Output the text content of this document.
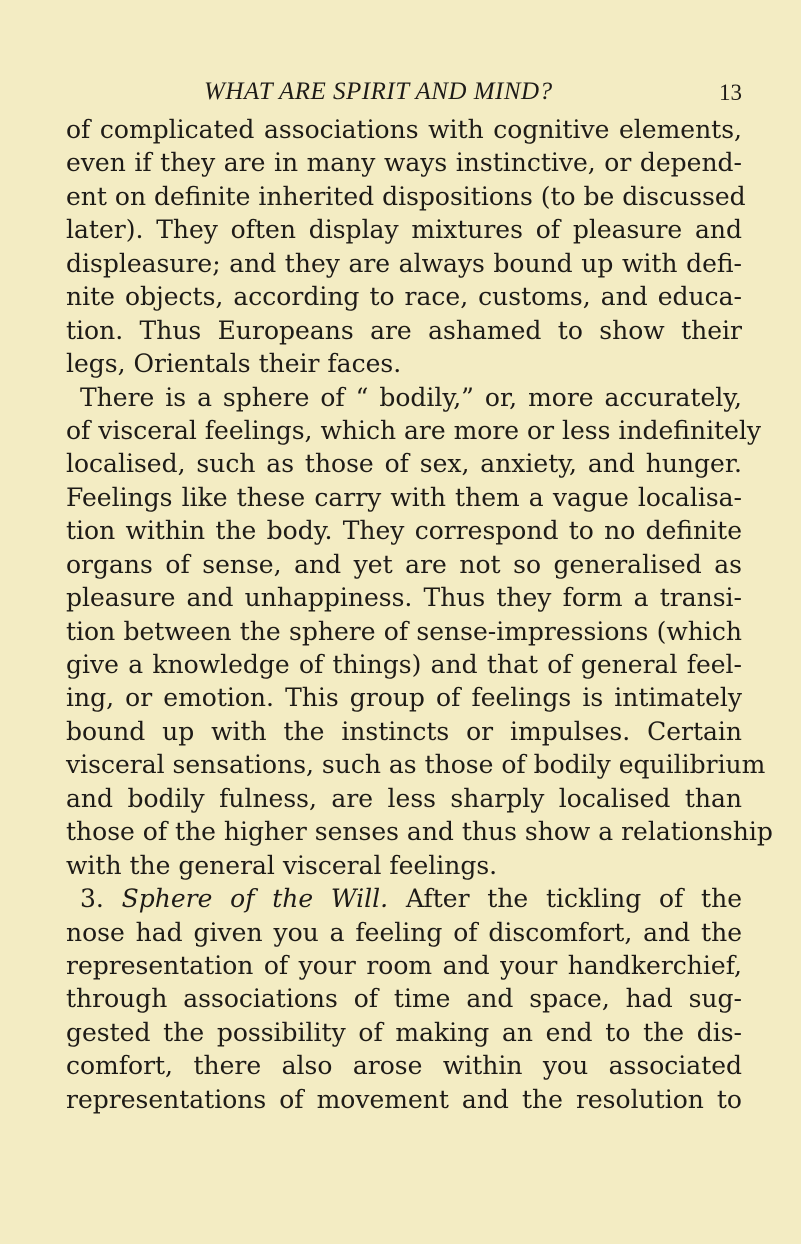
WHAT ARE SPIRIT AND MIND?	13
of complicated associations with cognitive elements,
even if they are in many ways instinctive, or depend-
ent on definite inherited dispositions (to be discussed
later). They often display mixtures of pleasure and
displeasure; and they are always bound up with defi-
nite objects, according to race, customs, and educa-
tion. Thus Europeans are ashamed to show their
legs, Orientals their faces.
There is a sphere of “ bodily,” or, more accurately,
of visceral feelings, which are more or less indefinitely
localised, such as those of sex, anxiety, and hunger.
Feelings like these carry with them a vague localisa-
tion within the body. They correspond to no definite
organs of sense, and yet are not so generalised as
pleasure and unhappiness. Thus they form a transi-
tion between the sphere of sense-impressions (which
give a knowledge of things) and that of general feel-
ing, or emotion. This group of feelings is intimately
bound up with the instincts or impulses. Certain
visceral sensations, such as those of bodily equilibrium
and bodily fulness, are less sharply localised than
those of the higher senses and thus show a relationship
with the general visceral feelings.
3. Sphere of the Will. After the tickling of the
nose had given you a feeling of discomfort, and the
representation of your room and your handkerchief,
through associations of time and space, had sug-
gested the possibility of making an end to the dis-
comfort, there also arose within you associated
representations of movement and the resolution to
